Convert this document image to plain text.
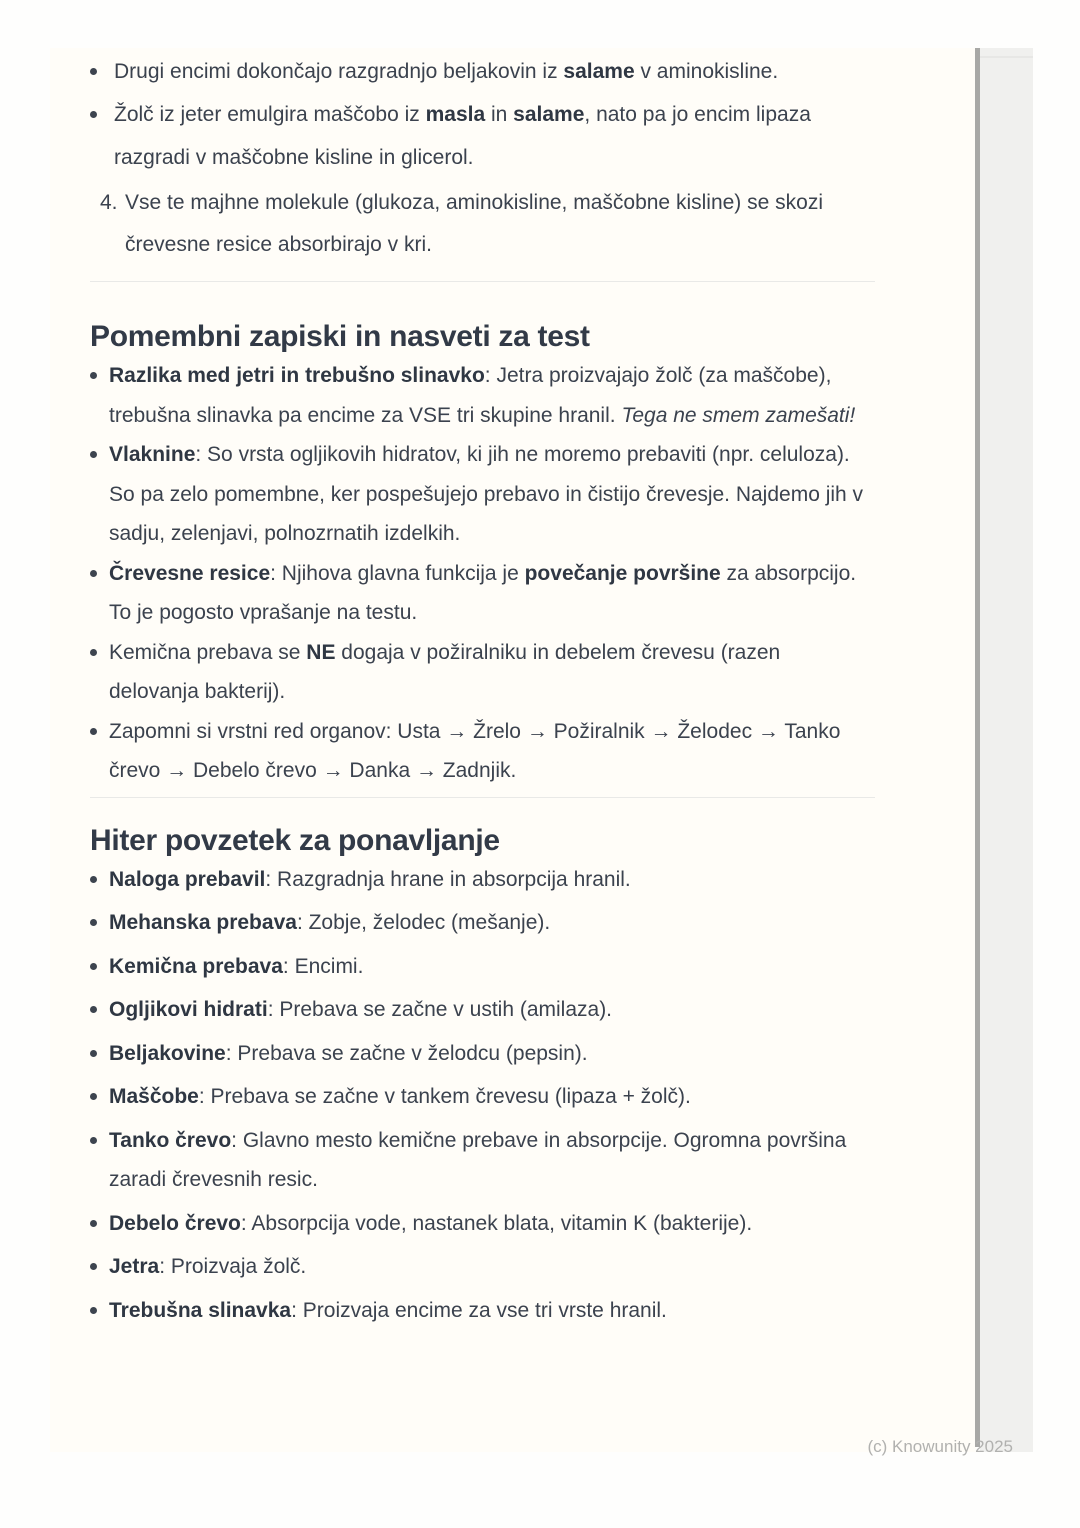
Drugi encimi dokončajo razgradnjo beljakovin iz salame v aminokisline.
Žolč iz jeter emulgira maščobo iz masla in salame, nato pa jo encim lipaza razgradi v maščobne kisline in glicerol.
4. Vse te majhne molekule (glukoza, aminokisline, maščobne kisline) se skozi črevesne resice absorbirajo v kri.
Pomembni zapiski in nasveti za test
Razlika med jetri in trebušno slinavko: Jetra proizvajajo žolč (za maščobe), trebušna slinavka pa encime za VSE tri skupine hranil. Tega ne smem zamešati!
Vlaknine: So vrsta ogljikovih hidratov, ki jih ne moremo prebaviti (npr. celuloza). So pa zelo pomembne, ker pospešujejo prebavo in čistijo črevesje. Najdemo jih v sadju, zelenjavi, polnozrnatih izdelkih.
Črevesne resice: Njihova glavna funkcija je povečanje površine za absorpcijo. To je pogosto vprašanje na testu.
Kemična prebava se NE dogaja v požiralniku in debelem črevesu (razen delovanja bakterij).
Zapomni si vrstni red organov: Usta → Žrelo → Požiralnik → Želodec → Tanko črevo → Debelo črevo → Danka → Zadnjik.
Hiter povzetek za ponavljanje
Naloga prebavil: Razgradnja hrane in absorpcija hranil.
Mehanska prebava: Zobje, želodec (mešanje).
Kemična prebava: Encimi.
Ogljikovi hidrati: Prebava se začne v ustih (amilaza).
Beljakovine: Prebava se začne v želodcu (pepsin).
Maščobe: Prebava se začne v tankem črevesu (lipaza + žolč).
Tanko črevo: Glavno mesto kemične prebave in absorpcije. Ogromna površina zaradi črevesnih resic.
Debelo črevo: Absorpcija vode, nastanek blata, vitamin K (bakterije).
Jetra: Proizvaja žolč.
Trebušna slinavka: Proizvaja encime za vse tri vrste hranil.
(c) Knowunity 2025
